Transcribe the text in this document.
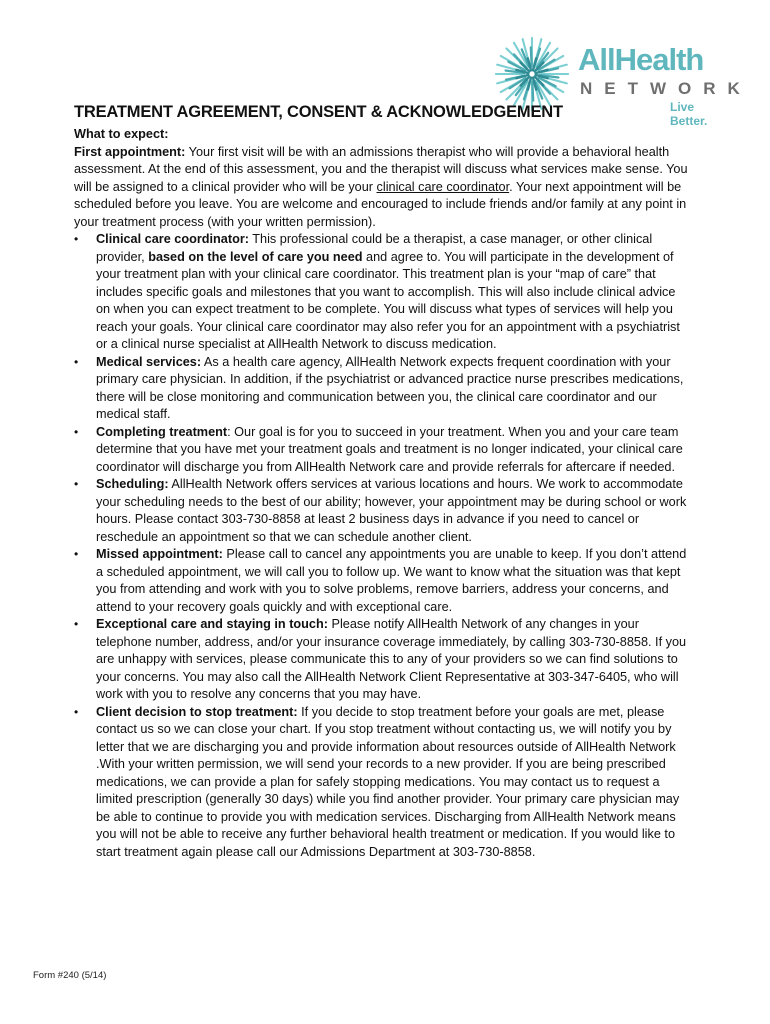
AllHealth
NETWORK
Live Better.
TREATMENT AGREEMENT, CONSENT & ACKNOWLEDGEMENT

What to expect:

First appointment: Your first visit will be with an admissions therapist who will provide a behavioral health assessment. At the end of this assessment, you and the therapist will discuss what services make sense. You will be assigned to a clinical provider who will be your clinical care coordinator. Your next appointment will be scheduled before you leave. You are welcome and encouraged to include friends and/or family at any point in your treatment process (with your written permission).

• Clinical care coordinator: This professional could be a therapist, a case manager, or other clinical provider, based on the level of care you need and agree to. You will participate in the development of your treatment plan with your clinical care coordinator. This treatment plan is your “map of care” that includes specific goals and milestones that you want to accomplish. This will also include clinical advice on when you can expect treatment to be complete. You will discuss what types of services will help you reach your goals. Your clinical care coordinator may also refer you for an appointment with a psychiatrist or a clinical nurse specialist at AllHealth Network to discuss medication.
• Medical services: As a health care agency, AllHealth Network expects frequent coordination with your primary care physician. In addition, if the psychiatrist or advanced practice nurse prescribes medications, there will be close monitoring and communication between you, the clinical care coordinator and our medical staff.
• Completing treatment: Our goal is for you to succeed in your treatment. When you and your care team determine that you have met your treatment goals and treatment is no longer indicated, your clinical care coordinator will discharge you from AllHealth Network care and provide referrals for aftercare if needed.
• Scheduling: AllHealth Network offers services at various locations and hours. We work to accommodate your scheduling needs to the best of our ability; however, your appointment may be during school or work hours. Please contact 303-730-8858 at least 2 business days in advance if you need to cancel or reschedule an appointment so that we can schedule another client.
• Missed appointment: Please call to cancel any appointments you are unable to keep. If you don’t attend a scheduled appointment, we will call you to follow up. We want to know what the situation was that kept you from attending and work with you to solve problems, remove barriers, address your concerns, and attend to your recovery goals quickly and with exceptional care.
• Exceptional care and staying in touch: Please notify AllHealth Network of any changes in your telephone number, address, and/or your insurance coverage immediately, by calling 303-730-8858. If you are unhappy with services, please communicate this to any of your providers so we can find solutions to your concerns. You may also call the AllHealth Network Client Representative at 303-347-6405, who will work with you to resolve any concerns that you may have.
• Client decision to stop treatment: If you decide to stop treatment before your goals are met, please contact us so we can close your chart. If you stop treatment without contacting us, we will notify you by letter that we are discharging you and provide information about resources outside of AllHealth Network .With your written permission, we will send your records to a new provider. If you are being prescribed medications, we can provide a plan for safely stopping medications. You may contact us to request a limited prescription (generally 30 days) while you find another provider. Your primary care physician may be able to continue to provide you with medication services. Discharging from AllHealth Network means you will not be able to receive any further behavioral health treatment or medication. If you would like to start treatment again please call our Admissions Department at 303-730-8858.
Form #240 (5/14)
